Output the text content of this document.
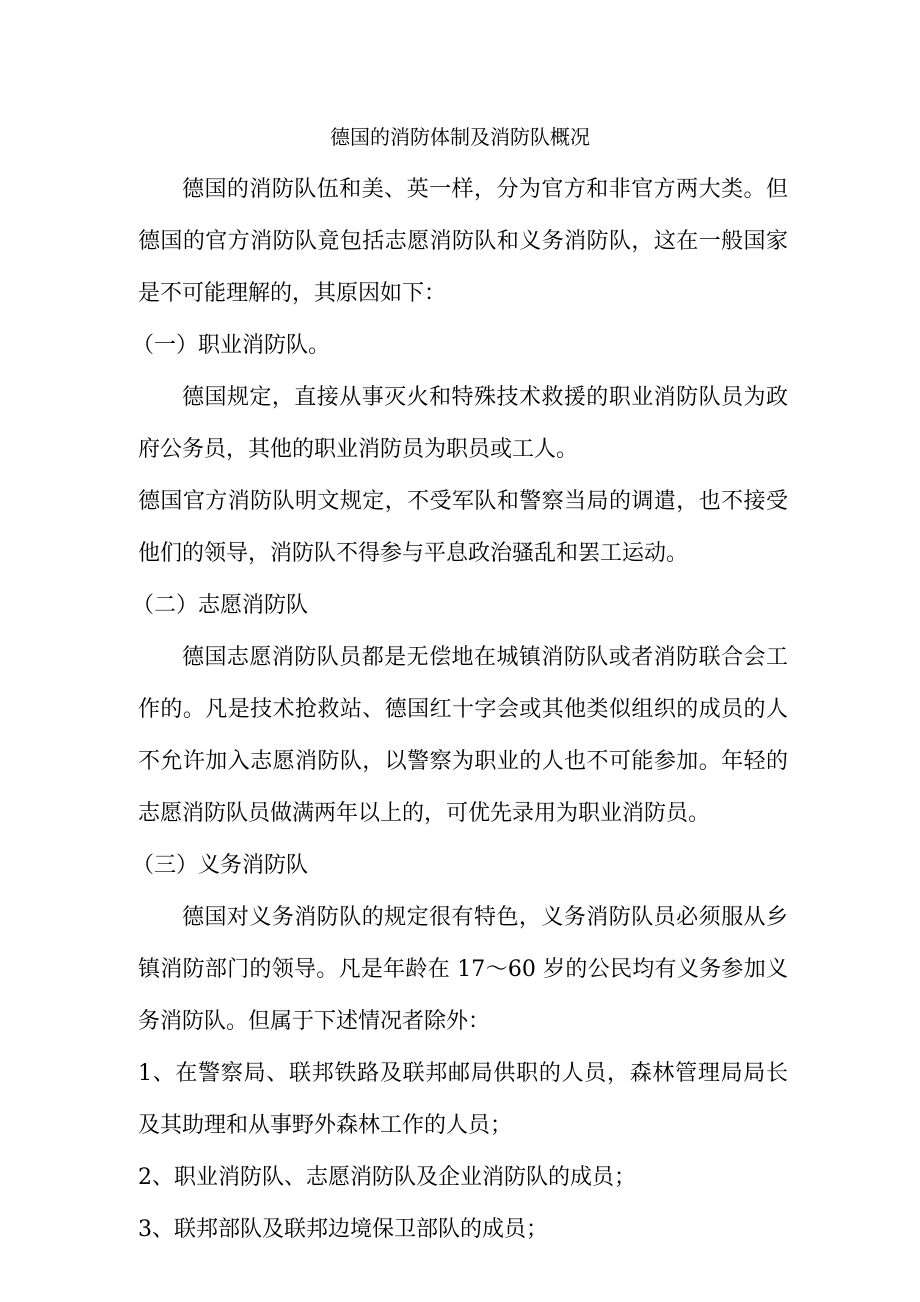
德国的消防体制及消防队概况

德国的消防队伍和美、英一样，分为官方和非官方两大类。但德国的官方消防队竟包括志愿消防队和义务消防队，这在一般国家是不可能理解的，其原因如下：

（一）职业消防队。

德国规定，直接从事灭火和特殊技术救援的职业消防队员为政府公务员，其他的职业消防员为职员或工人。

德国官方消防队明文规定，不受军队和警察当局的调遣，也不接受他们的领导，消防队不得参与平息政治骚乱和罢工运动。

（二）志愿消防队

德国志愿消防队员都是无偿地在城镇消防队或者消防联合会工作的。凡是技术抢救站、德国红十字会或其他类似组织的成员的人不允许加入志愿消防队，以警察为职业的人也不可能参加。年轻的志愿消防队员做满两年以上的，可优先录用为职业消防员。

（三）义务消防队

德国对义务消防队的规定很有特色，义务消防队员必须服从乡镇消防部门的领导。凡是年龄在 17～60 岁的公民均有义务参加义务消防队。但属于下述情况者除外：

1、在警察局、联邦铁路及联邦邮局供职的人员，森林管理局局长及其助理和从事野外森林工作的人员；

2、职业消防队、志愿消防队及企业消防队的成员；

3、联邦部队及联邦边境保卫部队的成员；
